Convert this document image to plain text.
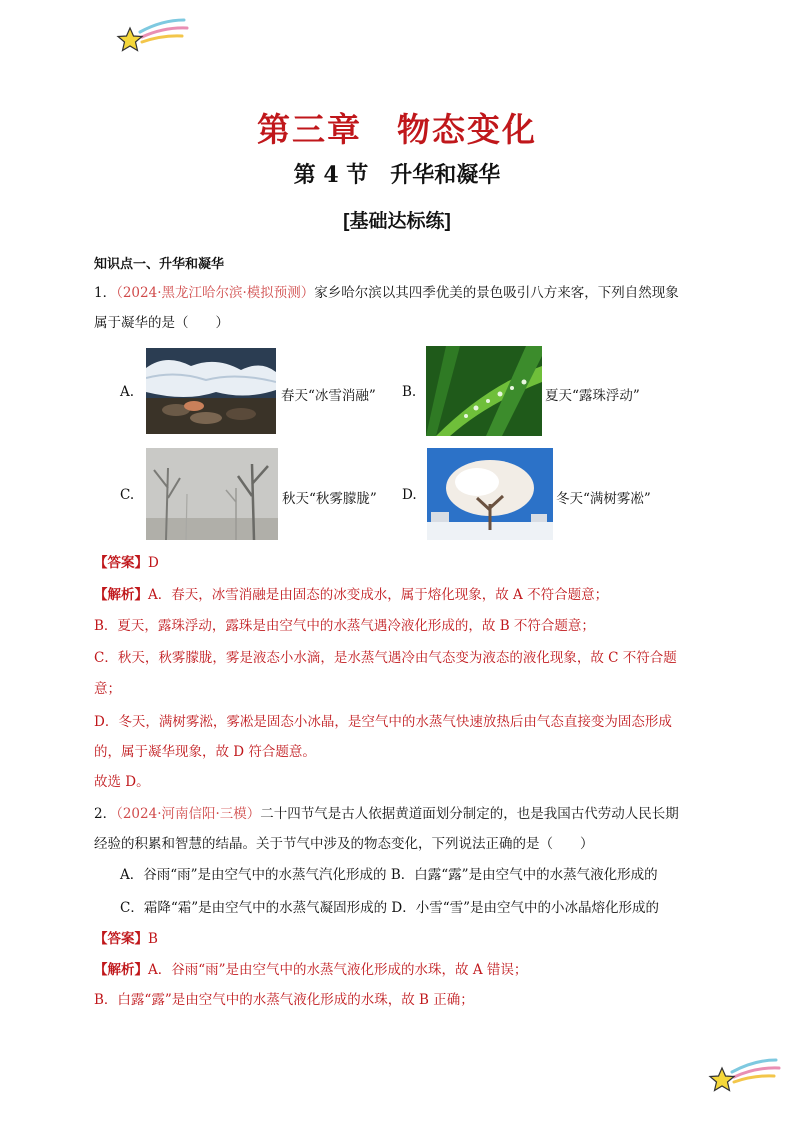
第三章　物态变化
第 4 节　升华和凝华
[基础达标练]
知识点一、升华和凝华
1．（2024·黑龙江哈尔滨·模拟预测）家乡哈尔滨以其四季优美的景色吸引八方来客，下列自然现象
属于凝华的是（　　）
A.	春天“冰雪消融” B.	夏天“露珠浮动”
C.	秋天“秋雾朦胧” D.	冬天“满树雾凇”
【答案】D
【解析】A．春天，冰雪消融是由固态的冰变成水，属于熔化现象，故 A 不符合题意；
B．夏天，露珠浮动，露珠是由空气中的水蒸气遇冷液化形成的，故 B 不符合题意；
C．秋天，秋雾朦胧，雾是液态小水滴，是水蒸气遇冷由气态变为液态的液化现象，故 C 不符合题
意；
D．冬天，满树雾淞，雾凇是固态小冰晶，是空气中的水蒸气快速放热后由气态直接变为固态形成
的，属于凝华现象，故 D 符合题意。
故选 D。
2．（2024·河南信阳·三模）二十四节气是古人依据黄道面划分制定的，也是我国古代劳动人民长期
经验的积累和智慧的结晶。关于节气中涉及的物态变化，下列说法正确的是（　　）
A．谷雨“雨”是由空气中的水蒸气汽化形成的 B．白露“露”是由空气中的水蒸气液化形成的
C．霜降“霜”是由空气中的水蒸气凝固形成的 D．小雪“雪”是由空气中的小冰晶熔化形成的
【答案】B
【解析】A．谷雨“雨”是由空气中的水蒸气液化形成的水珠，故 A 错误；
B．白露“露”是由空气中的水蒸气液化形成的水珠，故 B 正确；
